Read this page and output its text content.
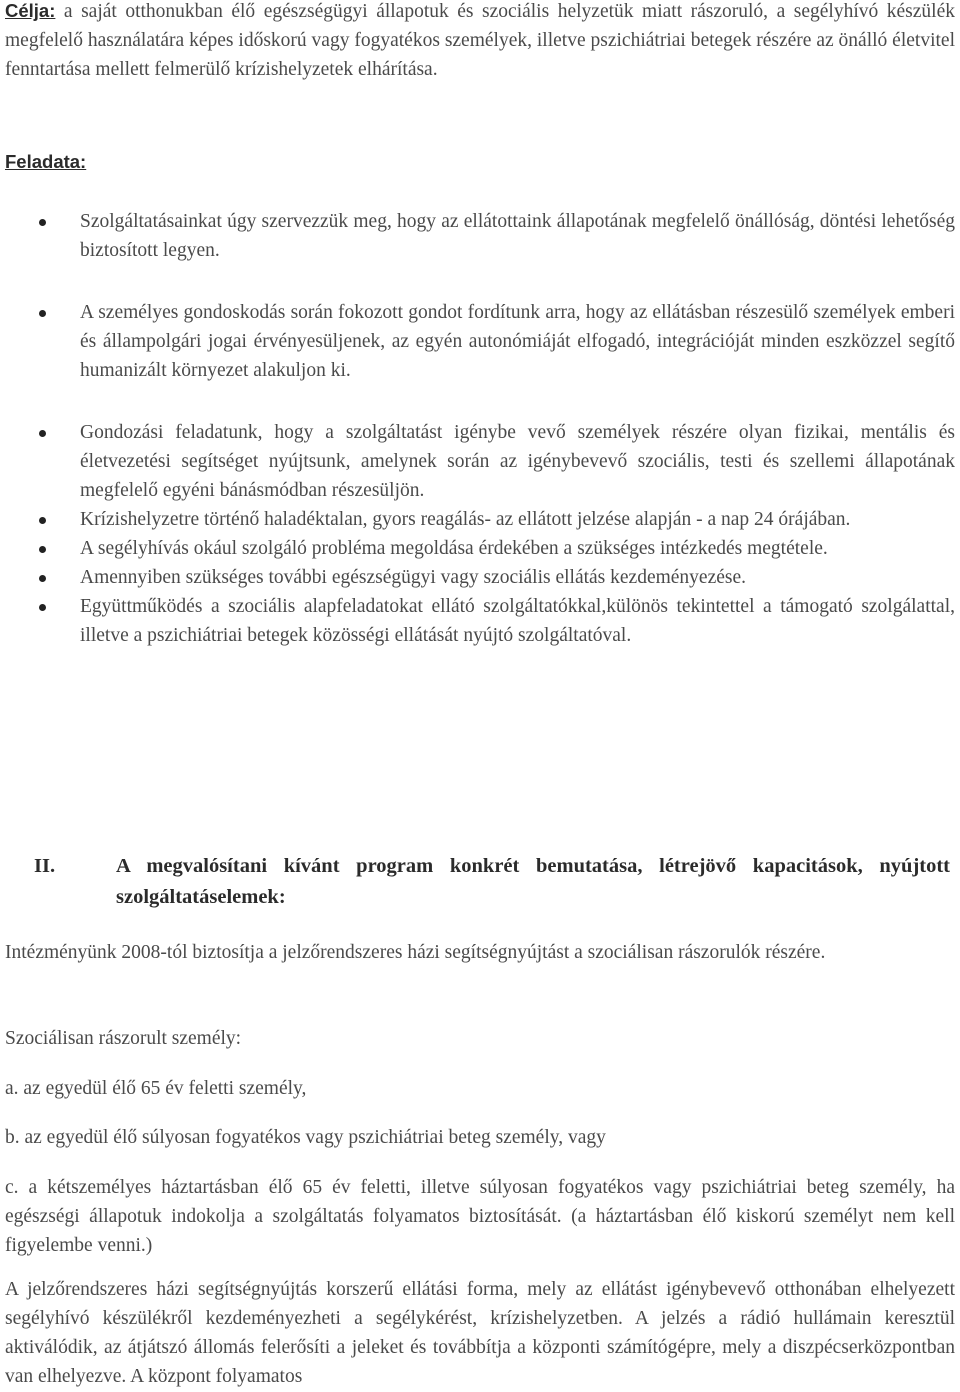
Célja: a saját otthonukban élő egészségügyi állapotuk és szociális helyzetük miatt rászoruló, a segélyhívó készülék megfelelő használatára képes időskorú vagy fogyatékos személyek, illetve pszichiátriai betegek részére az önálló életvitel fenntartása mellett felmerülő krízishelyzetek elhárítása.

Feladata:

Szolgáltatásainkat úgy szervezzük meg, hogy az ellátottaink állapotának megfelelő önállóság, döntési lehetőség biztosított legyen.
A személyes gondoskodás során fokozott gondot fordítunk arra, hogy az ellátásban részesülő személyek emberi és állampolgári jogai érvényesüljenek, az egyén autonómiáját elfogadó, integrációját minden eszközzel segítő humanizált környezet alakuljon ki.
Gondozási feladatunk, hogy a szolgáltatást igénybe vevő személyek részére olyan fizikai, mentális és életvezetési segítséget nyújtsunk, amelynek során az igénybevevő szociális, testi és szellemi állapotának megfelelő egyéni bánásmódban részesüljön.
Krízishelyzetre történő haladéktalan, gyors reagálás- az ellátott jelzése alapján - a nap 24 órájában.
A segélyhívás okául szolgáló probléma megoldása érdekében a szükséges intézkedés megtétele.
Amennyiben szükséges további egészségügyi vagy szociális ellátás kezdeményezése.
Együttműködés a szociális alapfeladatokat ellátó szolgáltatókkal,különös tekintettel a támogató szolgálattal, illetve a pszichiátriai betegek közösségi ellátását nyújtó szolgáltatóval.
II.	A megvalósítani kívánt program konkrét bemutatása, létrejövő kapacitások, nyújtott szolgáltatáselemek:

Intézményünk 2008-tól biztosítja a jelzőrendszeres házi segítségnyújtást a szociálisan rászorulók részére.

Szociálisan rászorult személy:

a. az egyedül élő 65 év feletti személy,

b. az egyedül élő súlyosan fogyatékos vagy pszichiátriai beteg személy, vagy

c. a kétszemélyes háztartásban élő 65 év feletti, illetve súlyosan fogyatékos vagy pszichiátriai beteg személy, ha egészségi állapotuk indokolja a szolgáltatás folyamatos biztosítását. (a háztartásban élő kiskorú személyt nem kell figyelembe venni.)

A jelzőrendszeres házi segítségnyújtás korszerű ellátási forma, mely az ellátást igénybevevő otthonában elhelyezett segélyhívó készülékről kezdeményezheti a segélykérést, krízishelyzetben. A jelzés a rádió hullámain keresztül aktiválódik, az átjátszó állomás felerősíti a jeleket és továbbítja a központi számítógépre, mely a diszpécserközpontban van elhelyezve. A központ folyamatos
